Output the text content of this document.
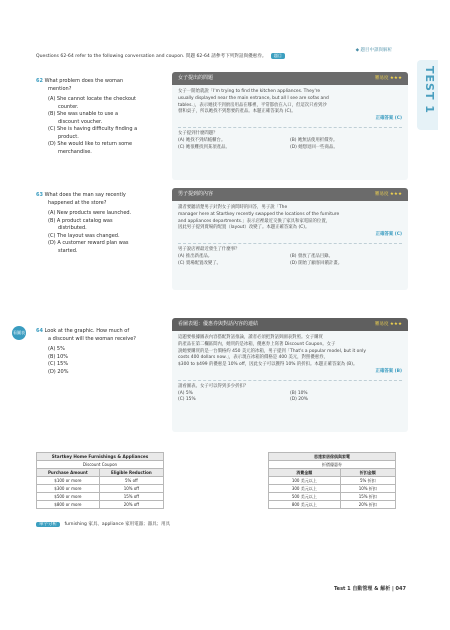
◆ 題目中譯與解析
Questions 62-64 refer to the following conversation and coupon. 問題 62-64 請參考下列對話與優惠券。 題目
TEST 1
62 What problem does the woman
mention?
(A) She cannot locate the checkout
counter.
(B) She was unable to use a
discount voucher.
(C) She is having difficulty finding a
product.
(D) She would like to return some
merchandise.
63 What does the man say recently
happened at the store?
(A) New products were launched.
(B) A product catalog was
distributed.
(C) The layout was changed.
(D) A customer reward plan was
started.
看圖表 64 Look at the graphic. How much of
a discount will the woman receive?
(A) 5%
(B) 10%
(C) 15%
(D) 20%
女子提出的問題	難易度 ★★★
女子一開始就說「I'm trying to find the kitchen appliances. They're
usually displayed near the main entrance, but all I see are sofas and
tables.」，表示她找不到廚房用品在哪裡，平常都放在入口，但這次只看到沙
發和桌子，所以她找不到想要的產品。本題正確答案為 (C)。
正確答案 (C)
女子提到什麼問題？
(A) 她找不到結帳櫃台。	(B) 她無法使用折價券。
(C) 她很難找到某項產品。	(D) 她想退回一些商品。
男子提到的內容	難易度 ★★★
讀者要聽清楚男子針對女子詢問時的回答，男子說「The
manager here at Startkey recently swapped the locations of the furniture
and appliances departments.」表示店裡最近交換了家具和家電區的位置，
因此男子提到賣場的配置（layout）改變了。本題正確答案為 (C)。
正確答案 (C)
男子說店裡最近發生了什麼事？
(A) 推出新產品。	(B) 發放了產品目錄。
(C) 賣場配置改變了。	(D) 開始了顧客回饋計畫。
看圖表題：優惠券與對話內容的連結	難易度 ★★★
這題要根據圖表內容搭配對話推論，讀者必須把對話與圖表對照。女子購買
的產品在第二欄區間內，她買的是冰箱，優惠券上寫著 Discount Coupon。女子
說她要購買的是一台價格約 450 美元的冰箱，男子提到「That's a popular model, but it only
costs 400 dollars now.」，表示現在冰箱的價格是 400 美元，對照優惠券，
$300 to $499 的優惠是 10% off，因此女子可以獲得 10% 的折扣。本題正確答案為 (B)。
正確答案 (B)
請看圖表。女子可以得到多少折扣？
(A) 5%	(B) 10%
(C) 15%	(D) 20%
Startkey Home Furnishings & Appliances	
Discount Coupon	
Purchase Amount	Eligible Reduction
$100 or more	5% off
$300 or more	10% off
$500 or more	15% off
$800 or more	20% off
思達家居傢俱與家電	
折價優惠券	
消費金額	折扣金額
100 美元以上	5% 折扣
300 美元以上	10% 折扣
500 美元以上	15% 折扣
800 美元以上	20% 折扣
單字分析 furnishing 家具、appliance 家用電器；器具；用具
Test 1 自動管理 & 解析 | 047
